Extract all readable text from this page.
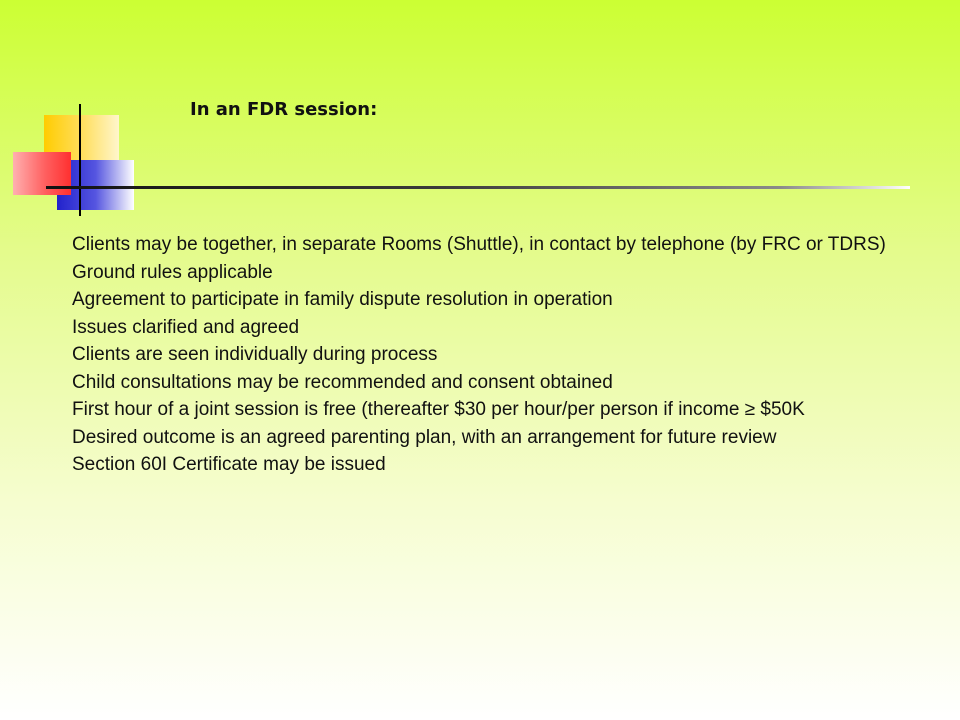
In an FDR session:
Clients may be together, in separate Rooms (Shuttle), in contact by telephone (by FRC or TDRS)
Ground rules applicable
Agreement to participate in family dispute resolution in operation
Issues clarified and agreed
Clients are seen individually during process
Child consultations may be recommended and consent obtained
First hour of a joint session is free (thereafter $30 per hour/per person if income ≥ $50K
Desired outcome is an agreed parenting plan, with an arrangement for future review
Section 60I Certificate may be issued
